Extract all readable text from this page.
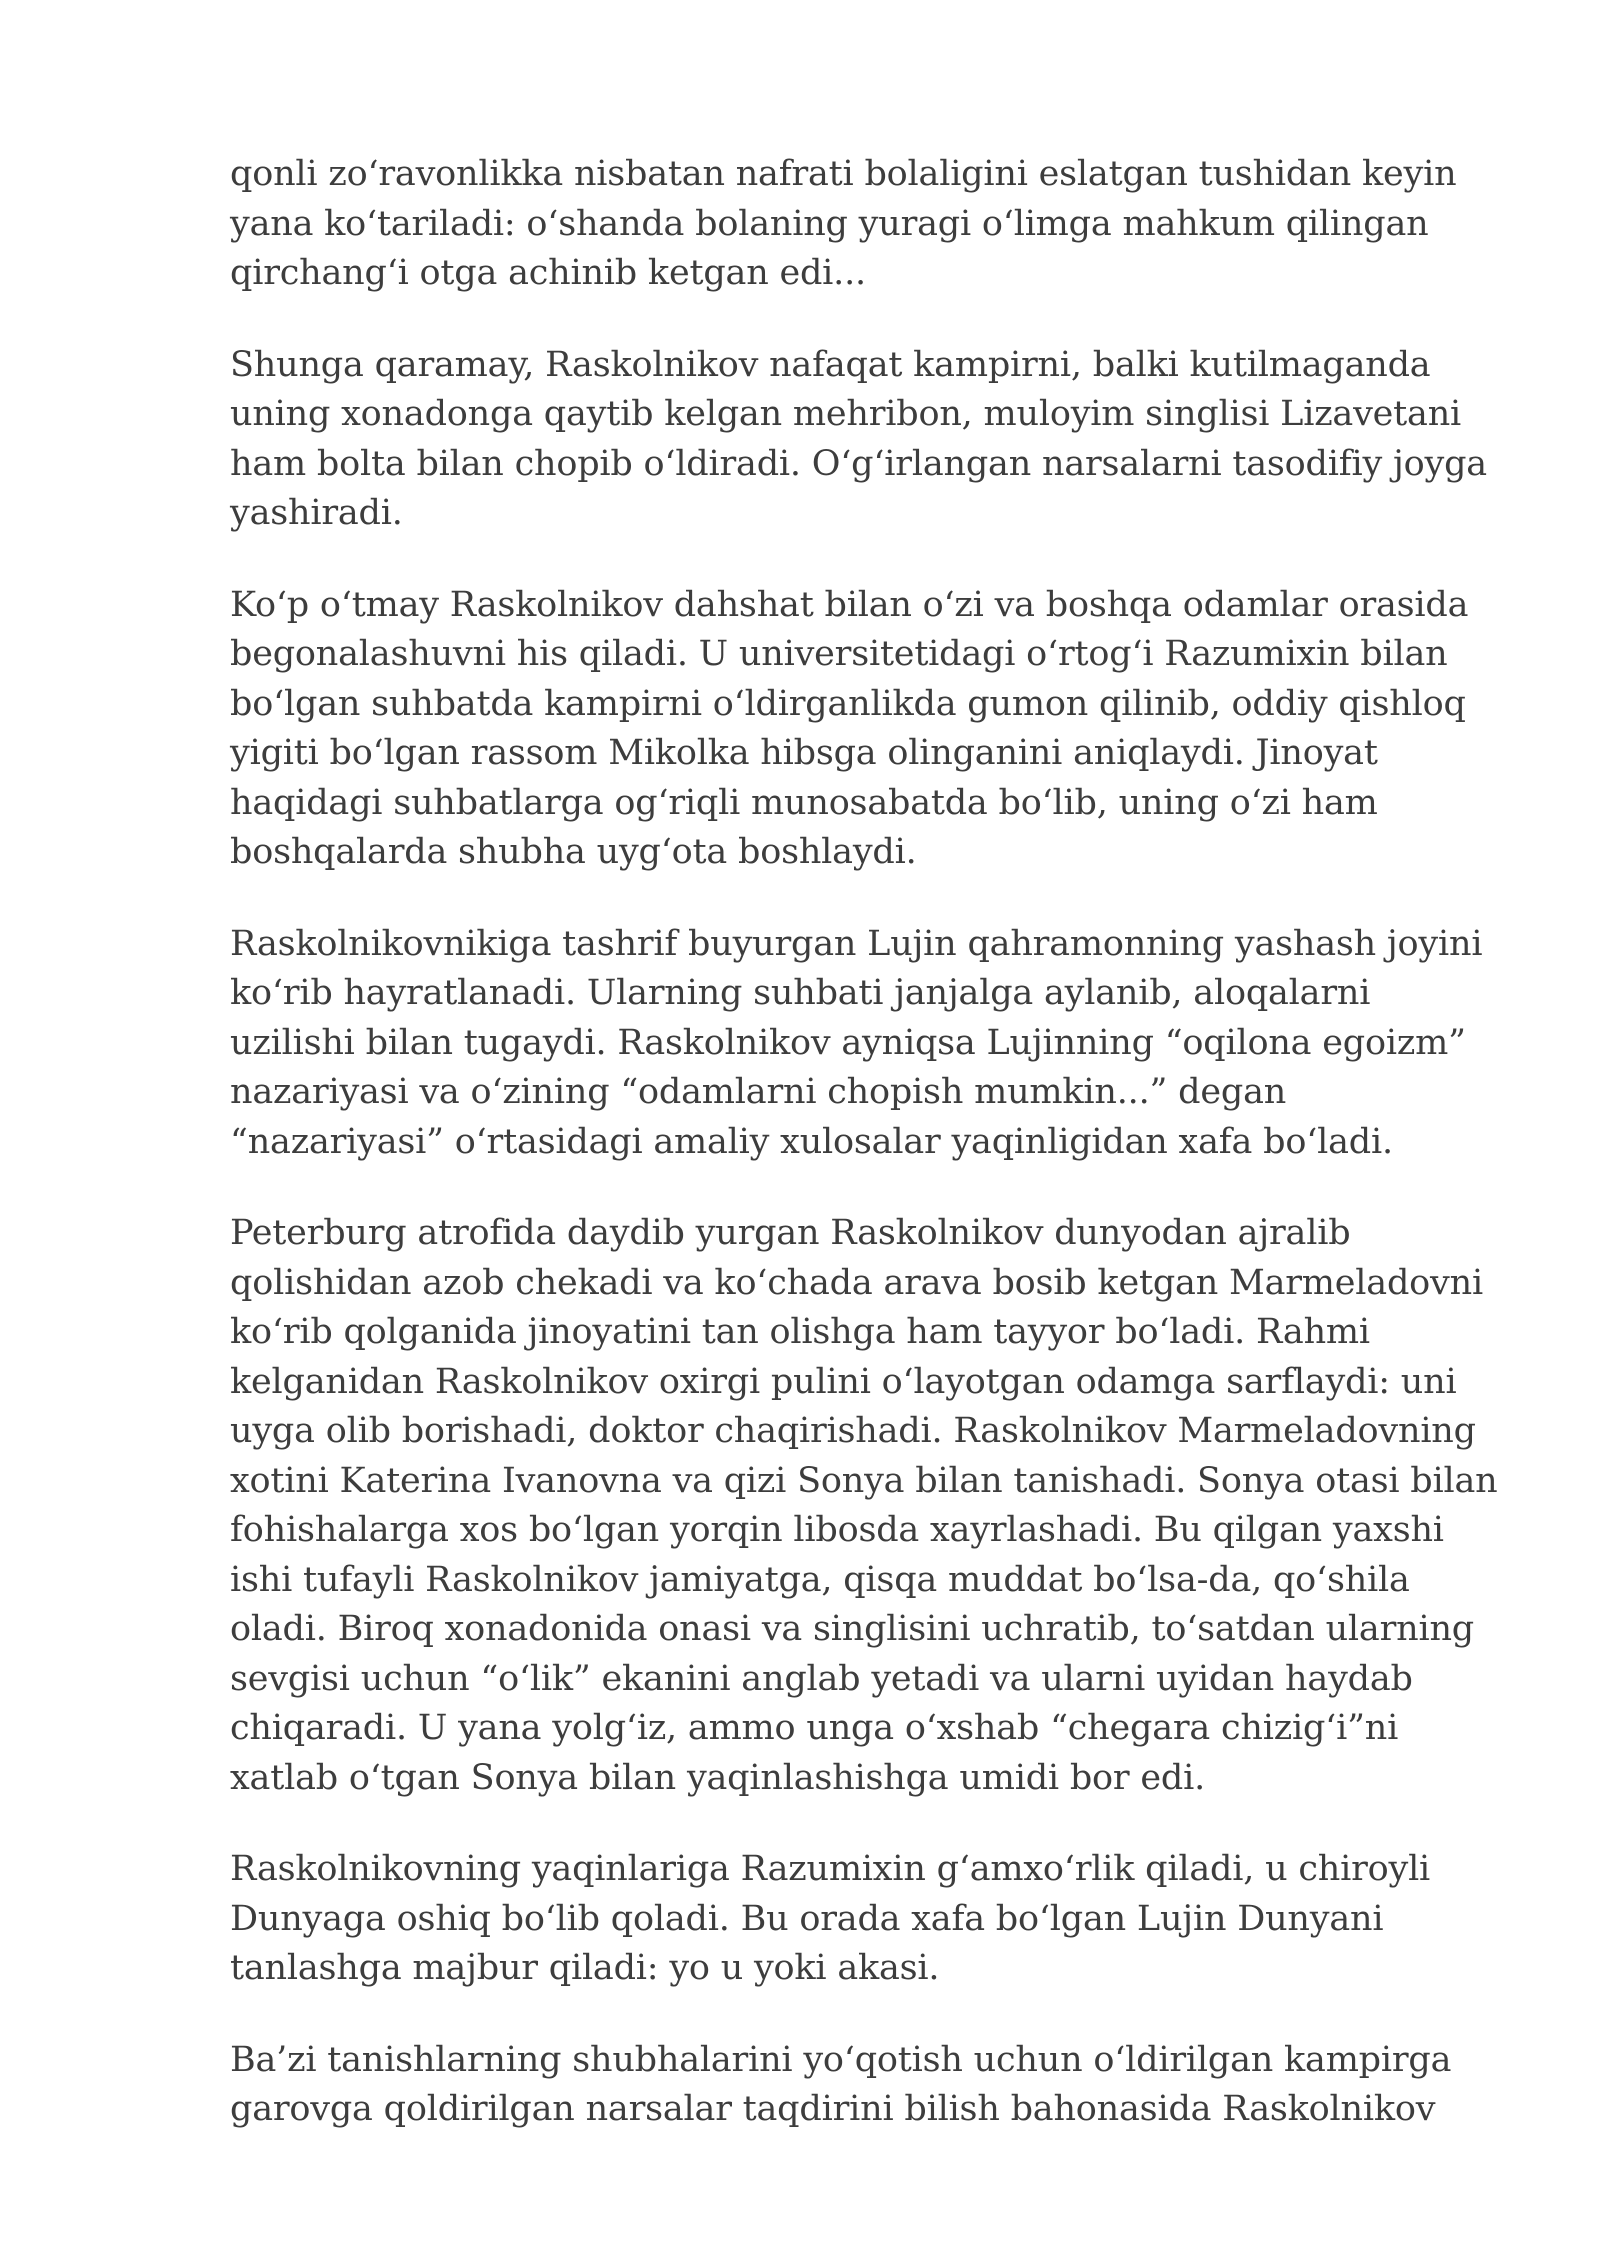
qonli zo‘ravonlikka nisbatan nafrati bolaligini eslatgan tushidan keyin
yana ko‘tariladi: o‘shanda bolaning yuragi o‘limga mahkum qilingan
qirchang‘i otga achinib ketgan edi...

Shunga qaramay, Raskolnikov nafaqat kampirni, balki kutilmaganda
uning xonadonga qaytib kelgan mehribon, muloyim singlisi Lizavetani
ham bolta bilan chopib o‘ldiradi. O‘g‘irlangan narsalarni tasodifiy joyga
yashiradi.

Ko‘p o‘tmay Raskolnikov dahshat bilan o‘zi va boshqa odamlar orasida
begonalashuvni his qiladi. U universitetidagi o‘rtog‘i Razumixin bilan
bo‘lgan suhbatda kampirni o‘ldirganlikda gumon qilinib, oddiy qishloq
yigiti bo‘lgan rassom Mikolka hibsga olinganini aniqlaydi. Jinoyat
haqidagi suhbatlarga og‘riqli munosabatda bo‘lib, uning o‘zi ham
boshqalarda shubha uyg‘ota boshlaydi.

Raskolnikovnikiga tashrif buyurgan Lujin qahramonning yashash joyini
ko‘rib hayratlanadi. Ularning suhbati janjalga aylanib, aloqalarni
uzilishi bilan tugaydi. Raskolnikov ayniqsa Lujinning “oqilona egoizm”
nazariyasi va o‘zining “odamlarni chopish mumkin...” degan
“nazariyasi” o‘rtasidagi amaliy xulosalar yaqinligidan xafa bo‘ladi.

Peterburg atrofida daydib yurgan Raskolnikov dunyodan ajralib
qolishidan azob chekadi va ko‘chada arava bosib ketgan Marmeladovni
ko‘rib qolganida jinoyatini tan olishga ham tayyor bo‘ladi. Rahmi
kelganidan Raskolnikov oxirgi pulini o‘layotgan odamga sarflaydi: uni
uyga olib borishadi, doktor chaqirishadi. Raskolnikov Marmeladovning
xotini Katerina Ivanovna va qizi Sonya bilan tanishadi. Sonya otasi bilan
fohishalarga xos bo‘lgan yorqin libosda xayrlashadi. Bu qilgan yaxshi
ishi tufayli Raskolnikov jamiyatga, qisqa muddat bo‘lsa-da, qo‘shila
oladi. Biroq xonadonida onasi va singlisini uchratib, to‘satdan ularning
sevgisi uchun “o‘lik” ekanini anglab yetadi va ularni uyidan haydab
chiqaradi. U yana yolg‘iz, ammo unga o‘xshab “chegara chizig‘i”ni
xatlab o‘tgan Sonya bilan yaqinlashishga umidi bor edi.

Raskolnikovning yaqinlariga Razumixin g‘amxo‘rlik qiladi, u chiroyli
Dunyaga oshiq bo‘lib qoladi. Bu orada xafa bo‘lgan Lujin Dunyani
tanlashga majbur qiladi: yo u yoki akasi.

Ba’zi tanishlarning shubhalarini yo‘qotish uchun o‘ldirilgan kampirga
garovga qoldirilgan narsalar taqdirini bilish bahonasida Raskolnikov
